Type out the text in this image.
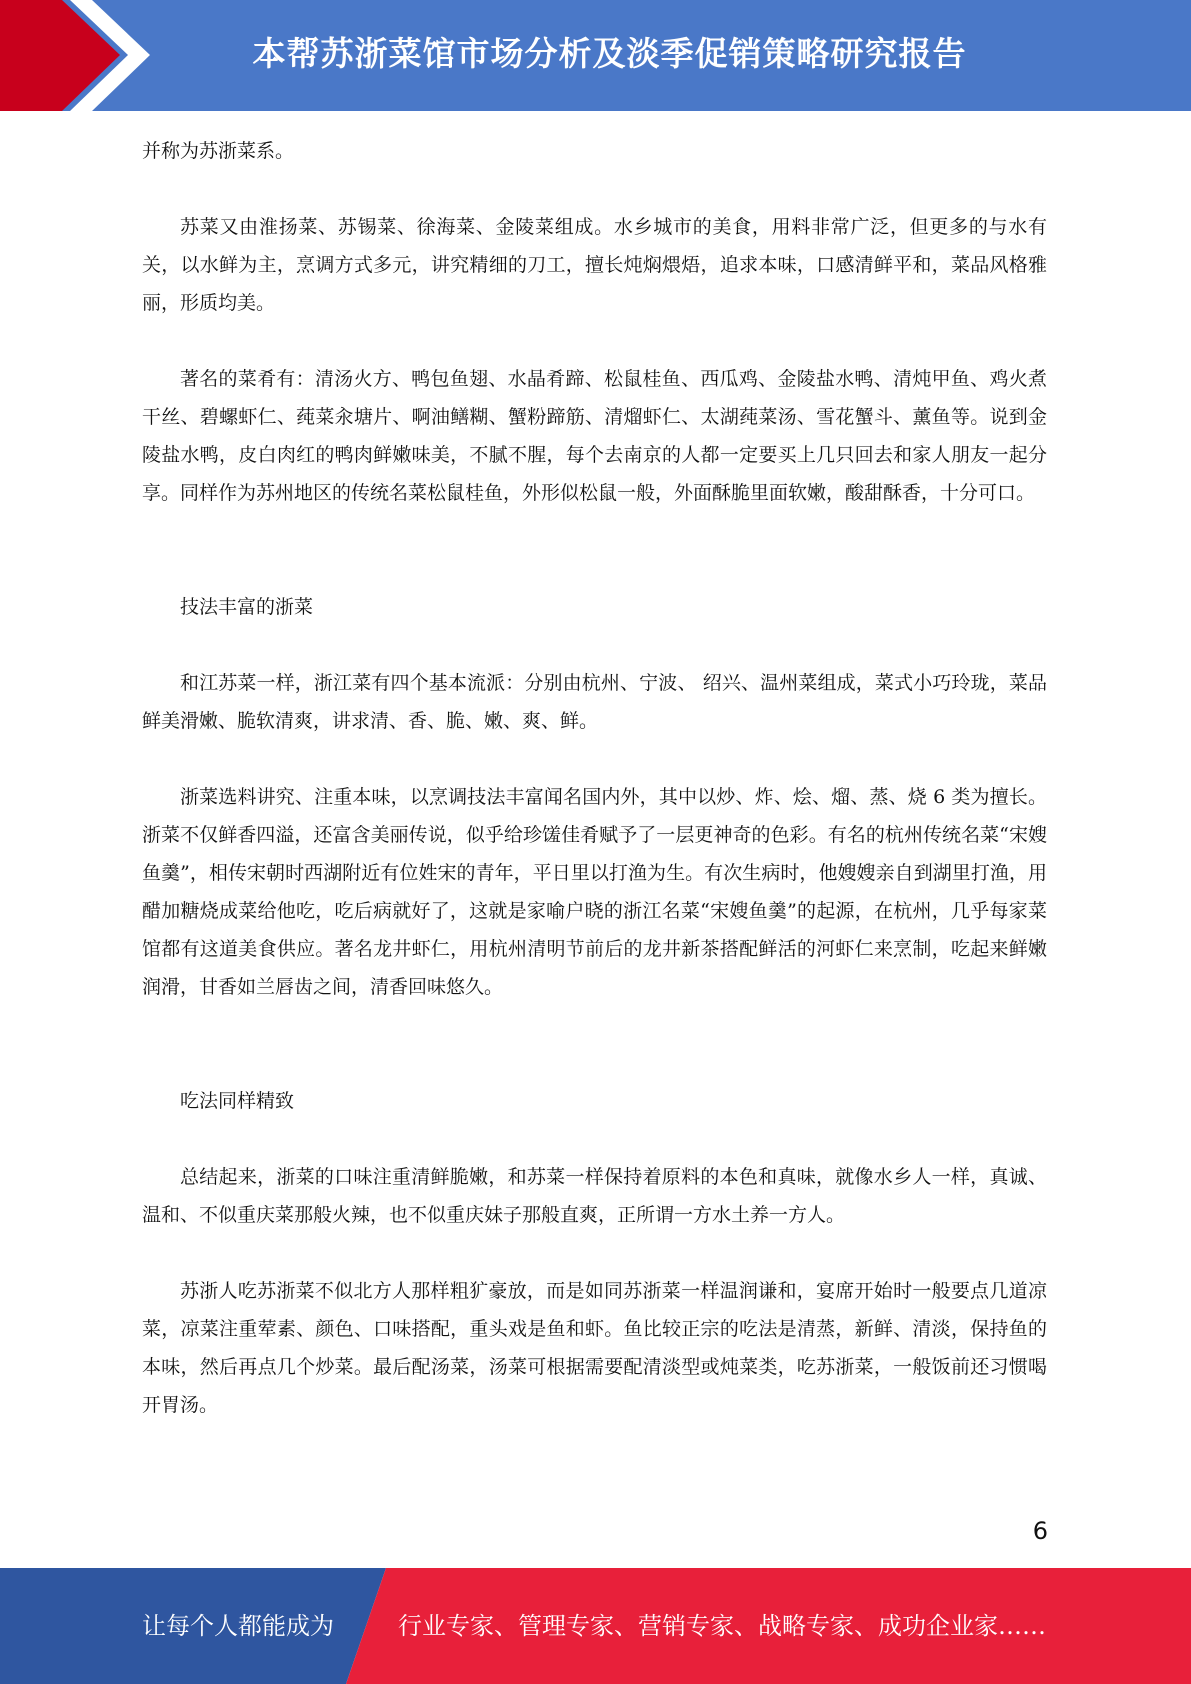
本帮苏浙菜馆市场分析及淡季促销策略研究报告

并称为苏浙菜系。

苏菜又由淮扬菜、苏锡菜、徐海菜、金陵菜组成。水乡城市的美食，用料非常广泛，但更多的与水有关，以水鲜为主，烹调方式多元，讲究精细的刀工，擅长炖焖煨焐，追求本味，口感清鲜平和，菜品风格雅丽，形质均美。

著名的菜肴有：清汤火方、鸭包鱼翅、水晶肴蹄、松鼠桂鱼、西瓜鸡、金陵盐水鸭、清炖甲鱼、鸡火煮干丝、碧螺虾仁、莼菜汆塘片、啊油鳝糊、蟹粉蹄筋、清熘虾仁、太湖莼菜汤、雪花蟹斗、薰鱼等。说到金陵盐水鸭，皮白肉红的鸭肉鲜嫩味美，不腻不腥，每个去南京的人都一定要买上几只回去和家人朋友一起分享。同样作为苏州地区的传统名菜松鼠桂鱼，外形似松鼠一般，外面酥脆里面软嫩，酸甜酥香，十分可口。

技法丰富的浙菜

和江苏菜一样，浙江菜有四个基本流派：分别由杭州、宁波、 绍兴、温州菜组成，菜式小巧玲珑，菜品鲜美滑嫩、脆软清爽，讲求清、香、脆、嫩、爽、鲜。

浙菜选料讲究、注重本味，以烹调技法丰富闻名国内外，其中以炒、炸、烩、熘、蒸、烧 6 类为擅长。浙菜不仅鲜香四溢，还富含美丽传说，似乎给珍馐佳肴赋予了一层更神奇的色彩。有名的杭州传统名菜“宋嫂鱼羹”，相传宋朝时西湖附近有位姓宋的青年，平日里以打渔为生。有次生病时，他嫂嫂亲自到湖里打渔，用醋加糖烧成菜给他吃，吃后病就好了，这就是家喻户晓的浙江名菜“宋嫂鱼羹”的起源，在杭州，几乎每家菜馆都有这道美食供应。著名龙井虾仁，用杭州清明节前后的龙井新茶搭配鲜活的河虾仁来烹制，吃起来鲜嫩润滑，甘香如兰唇齿之间，清香回味悠久。

吃法同样精致

总结起来，浙菜的口味注重清鲜脆嫩，和苏菜一样保持着原料的本色和真味，就像水乡人一样，真诚、温和、不似重庆菜那般火辣，也不似重庆妹子那般直爽，正所谓一方水土养一方人。

苏浙人吃苏浙菜不似北方人那样粗犷豪放，而是如同苏浙菜一样温润谦和，宴席开始时一般要点几道凉菜，凉菜注重荤素、颜色、口味搭配，重头戏是鱼和虾。鱼比较正宗的吃法是清蒸，新鲜、清淡，保持鱼的本味，然后再点几个炒菜。最后配汤菜，汤菜可根据需要配清淡型或炖菜类，吃苏浙菜，一般饭前还习惯喝开胃汤。

6
让每个人都能成为	行业专家、管理专家、营销专家、战略专家、成功企业家……
